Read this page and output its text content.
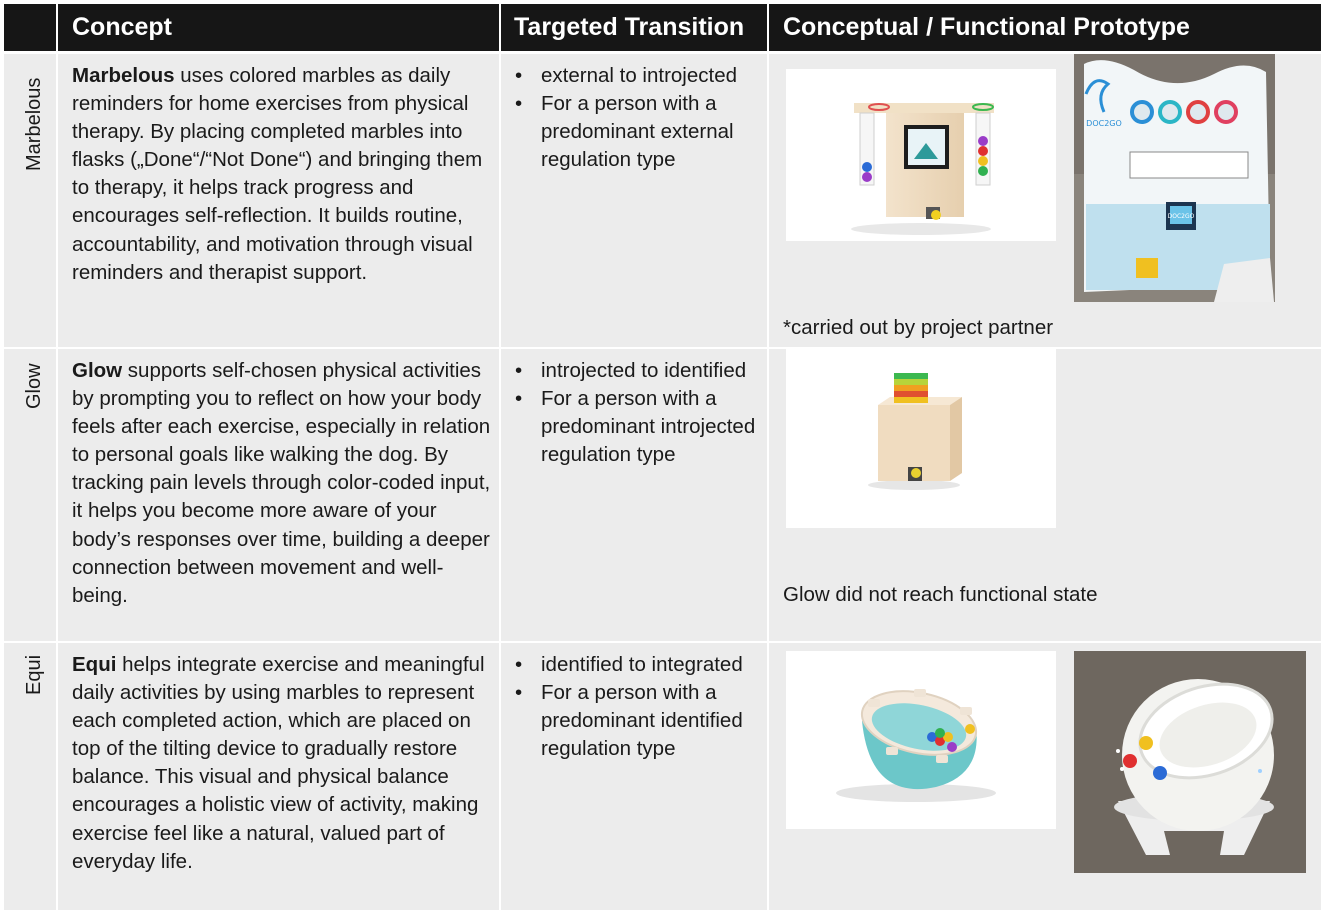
Concept	Targeted Transition	Conceptual / Functional Prototype
Marbelous

Marbelous uses colored marbles as daily reminders for home exercises from physical therapy. By placing completed marbles into flasks („Done“/“Not Done“) and bringing them to therapy, it helps track progress and encourages self-reflection. It builds routine, accountability, and motivation through visual reminders and therapist support.

• external to introjected
• For a person with a predominant external regulation type
DOC2GO
DOC2GO
*carried out by project partner
Glow Glow supports self-chosen physical activities by prompting you to reflect on how your body feels after each exercise, especially in relation to personal goals like walking the dog. By tracking pain levels through color-coded input, it helps you become more aware of your body’s responses over time, building a deeper connection between movement and well-being.

• introjected to identified
• For a person with a predominant introjected regulation type
Glow did not reach functional state
Equi Equi helps integrate exercise and meaningful daily activities by using marbles to represent each completed action, which are placed on top of the tilting device to gradually restore balance. This visual and physical balance encourages a holistic view of activity, making exercise feel like a natural, valued part of everyday life.

• identified to integrated
• For a person with a predominant identified regulation type
